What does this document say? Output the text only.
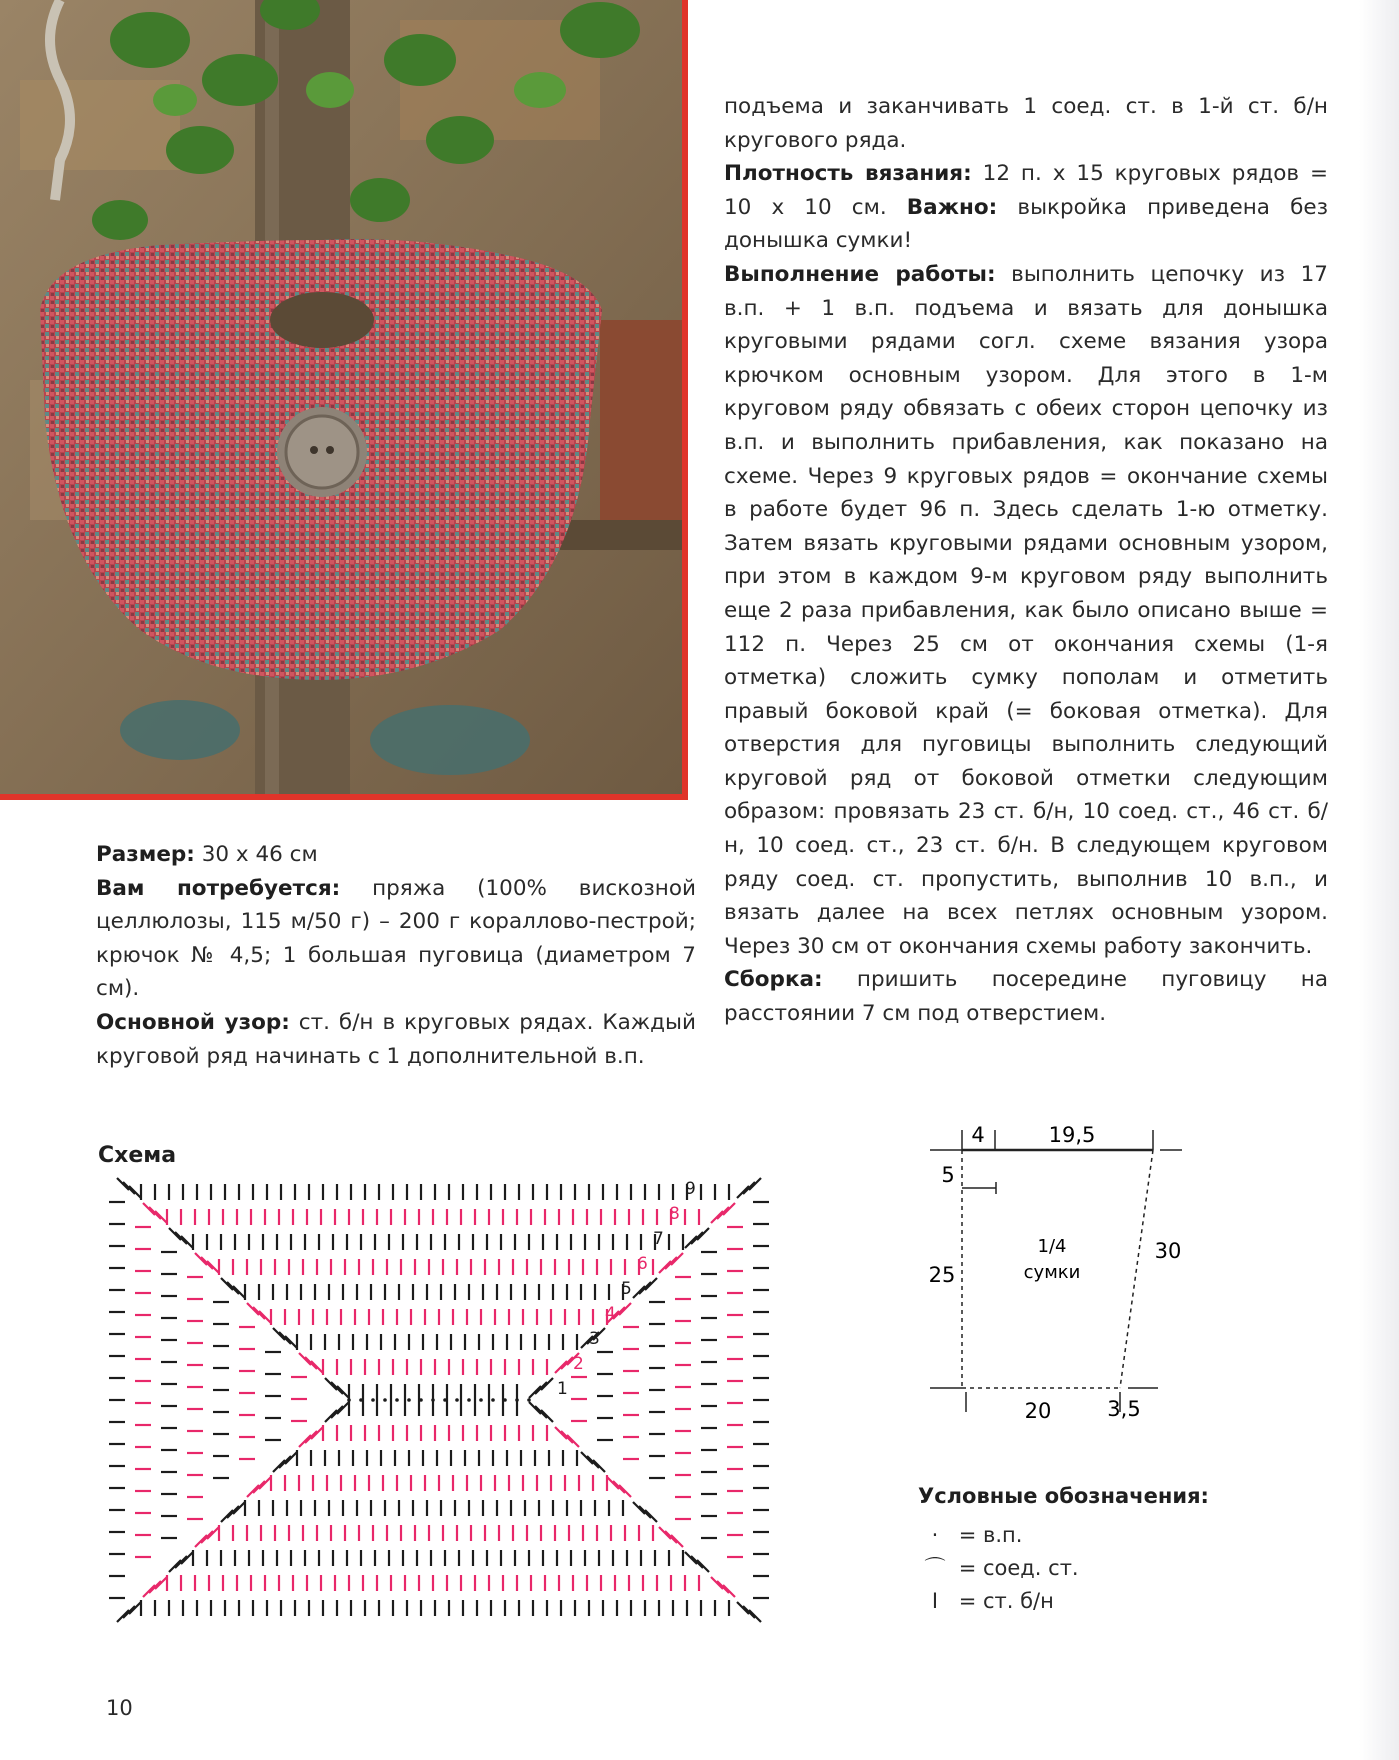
подъема и заканчивать 1 соед. ст. в 1-й ст. б/н кругового ряда.

Плотность вязания: 12 п. х 15 круговых рядов = 10 х 10 см. Важно: выкройка приведена без донышка сумки!

Выполнение работы: выполнить цепочку из 17 в.п. + 1 в.п. подъема и вязать для донышка круговыми рядами согл. схеме вязания узора крючком основным узором. Для этого в 1-м круговом ряду обвязать с обеих сторон цепочку из в.п. и выполнить прибавления, как показано на схеме. Через 9 круговых рядов = окончание схемы в работе будет 96 п. Здесь сделать 1-ю отметку. Затем вязать круговыми рядами основным узором, при этом в каждом 9-м круговом ряду выполнить еще 2 раза прибавления, как было описано выше = 112 п. Через 25 см от окончания схемы (1-я отметка) сложить сумку пополам и отметить правый боковой край (= боковая отметка). Для отверстия для пуговицы выполнить следующий круговой ряд от боковой отметки следующим образом: провязать 23 ст. б/н, 10 соед. ст., 46 ст. б/н, 10 соед. ст., 23 ст. б/н. В следующем круговом ряду соед. ст. пропустить, выполнив 10 в.п., и вязать далее на всех петлях основным узором. Через 30 см от окончания схемы работу закончить.

Сборка: пришить посередине пуговицу на расстоянии 7 см под отверстием.

Размер: 30 х 46 см

Вам потребуется: пряжа (100% вискозной целлюлозы, 115 м/50 г) – 200 г кораллово-пестрой; крючок № 4,5; 1 большая пуговица (диаметром 7 см).

Основной узор: ст. б/н в круговых рядах. Каждый круговой ряд начинать с 1 дополнительной в.п.

Схема
1
2
3
4
5
6
7
8
9
4	19,5
5
25
30
20	3,5
1/4
сумки
Условные обозначения:
· = в.п.
⌒ = соед. ст.
I = ст. б/н
10
